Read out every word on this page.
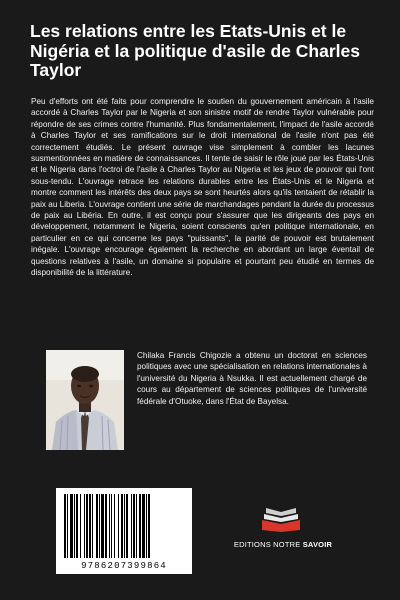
Les relations entre les Etats-Unis et le Nigéria et la politique d'asile de Charles Taylor

Peu d'efforts ont été faits pour comprendre le soutien du gouvernement américain à l'asile accordé à Charles Taylor par le Nigeria et son sinistre motif de rendre Taylor vulnérable pour répondre de ses crimes contre l'humanité. Plus fondamentalement, l'impact de l'asile accordé à Charles Taylor et ses ramifications sur le droit international de l'asile n'ont pas été correctement étudiés. Le présent ouvrage vise simplement à combler les lacunes susmentionnées en matière de connaissances. Il tente de saisir le rôle joué par les États-Unis et le Nigeria dans l'octroi de l'asile à Charles Taylor au Nigeria et les jeux de pouvoir qui l'ont sous-tendu. L'ouvrage retrace les relations durables entre les États-Unis et le Nigeria et montre comment les intérêts des deux pays se sont heurtés alors qu'ils tentaient de rétablir la paix au Liberia. L'ouvrage contient une série de marchandages pendant la durée du processus de paix au Libéria. En outre, il est conçu pour s'assurer que les dirigeants des pays en développement, notamment le Nigeria, soient conscients qu'en politique internationale, en particulier en ce qui concerne les pays "puissants", la parité de pouvoir est brutalement inégale. L'ouvrage encourage également la recherche en abordant un large éventail de questions relatives à l'asile, un domaine si populaire et pourtant peu étudié en termes de disponibilité de la littérature.

Chilaka Francis Chigozie a obtenu un doctorat en sciences politiques avec une spécialisation en relations internationales à l'université du Nigeria à Nsukka. Il est actuellement chargé de cours au département de sciences politiques de l'université fédérale d'Otuoke, dans l'État de Bayelsa.

9786207399864
EDITIONS NOTRE SAVOIR
